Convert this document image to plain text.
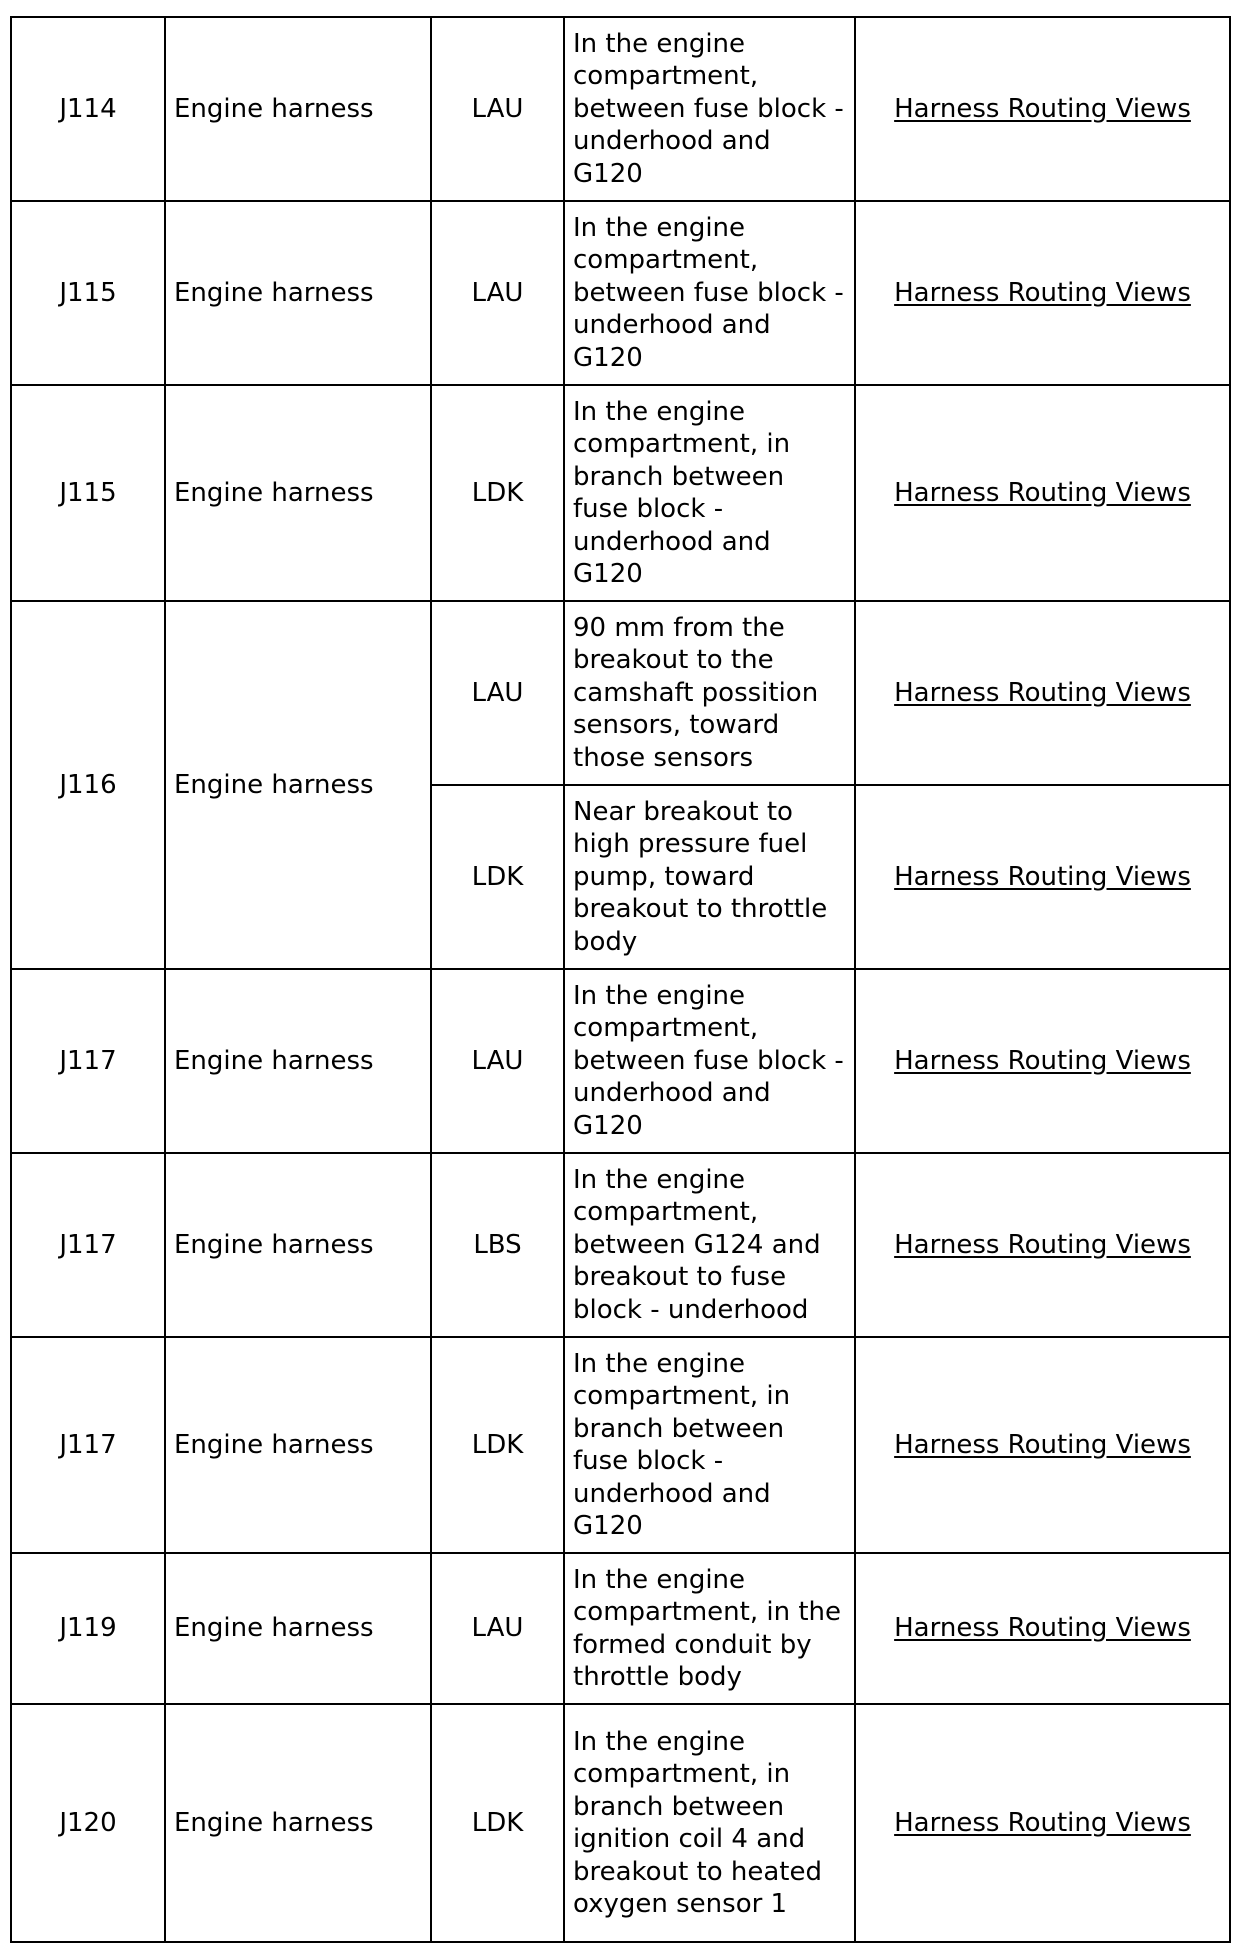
J114	Engine harness	LAU	In the engine compartment, between fuse block - underhood and G120	Harness Routing Views
J115	Engine harness	LAU	In the engine compartment, between fuse block - underhood and G120	Harness Routing Views
J115	Engine harness	LDK	In the engine compartment, in branch between fuse block - underhood and G120	Harness Routing Views
J116	Engine harness	LAU	90 mm from the breakout to the camshaft possition sensors, toward those sensors	Harness Routing Views
		LDK	Near breakout to high pressure fuel pump, toward breakout to throttle body	Harness Routing Views
J117	Engine harness	LAU	In the engine compartment, between fuse block - underhood and G120	Harness Routing Views
J117	Engine harness	LBS	In the engine compartment, between G124 and breakout to fuse block - underhood	Harness Routing Views
J117	Engine harness	LDK	In the engine compartment, in branch between fuse block - underhood and G120	Harness Routing Views
J119	Engine harness	LAU	In the engine compartment, in the formed conduit by throttle body	Harness Routing Views
J120	Engine harness	LDK	In the engine compartment, in branch between ignition coil 4 and breakout to heated oxygen sensor 1	Harness Routing Views
